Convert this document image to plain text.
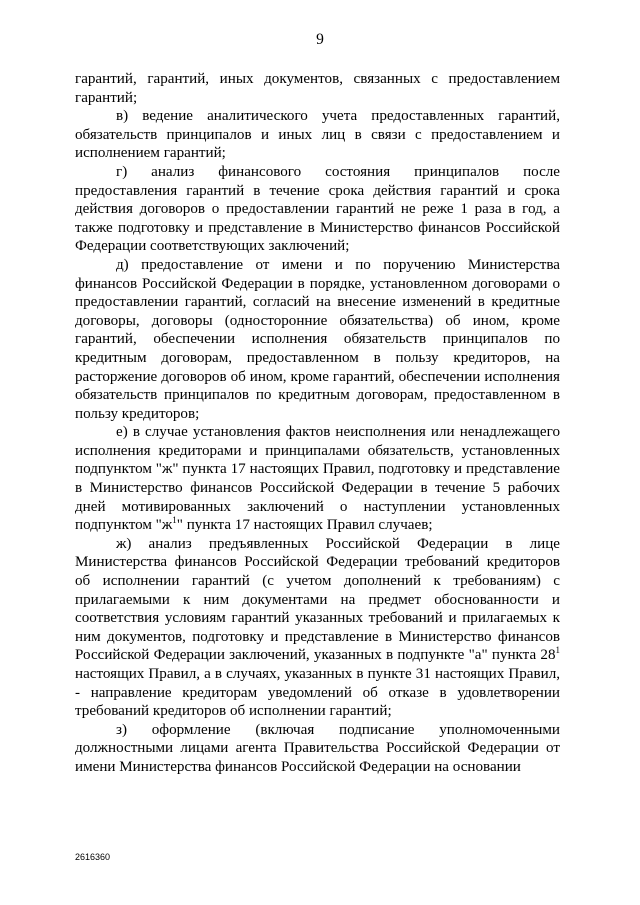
9

гарантий, гарантий, иных документов, связанных с предоставлением гарантий;

в) ведение аналитического учета предоставленных гарантий, обязательств принципалов и иных лиц в связи с предоставлением и исполнением гарантий;

г) анализ финансового состояния принципалов после предоставления гарантий в течение срока действия гарантий и срока действия договоров о предоставлении гарантий не реже 1 раза в год, а также подготовку и представление в Министерство финансов Российской Федерации соответствующих заключений;

д) предоставление от имени и по поручению Министерства финансов Российской Федерации в порядке, установленном договорами о предоставлении гарантий, согласий на внесение изменений в кредитные договоры, договоры (односторонние обязательства) об ином, кроме гарантий, обеспечении исполнения обязательств принципалов по кредитным договорам, предоставленном в пользу кредиторов, на расторжение договоров об ином, кроме гарантий, обеспечении исполнения обязательств принципалов по кредитным договорам, предоставленном в пользу кредиторов;

е) в случае установления фактов неисполнения или ненадлежащего исполнения кредиторами и принципалами обязательств, установленных подпунктом "ж" пункта 17 настоящих Правил, подготовку и представление в Министерство финансов Российской Федерации в течение 5 рабочих дней мотивированных заключений о наступлении установленных подпунктом "$ж^1$" пункта 17 настоящих Правил случаев;

ж) анализ предъявленных Российской Федерации в лице Министерства финансов Российской Федерации требований кредиторов об исполнении гарантий (с учетом дополнений к требованиям) с прилагаемыми к ним документами на предмет обоснованности и соответствия условиям гарантий указанных требований и прилагаемых к ним документов, подготовку и представление в Министерство финансов Российской Федерации заключений, указанных в подпункте "а" пункта $28^1$ настоящих Правил, а в случаях, указанных в пункте 31 настоящих Правил, - направление кредиторам уведомлений об отказе в удовлетворении требований кредиторов об исполнении гарантий;

з) оформление (включая подписание уполномоченными должностными лицами агента Правительства Российской Федерации от имени Министерства финансов Российской Федерации на основании

2616360
